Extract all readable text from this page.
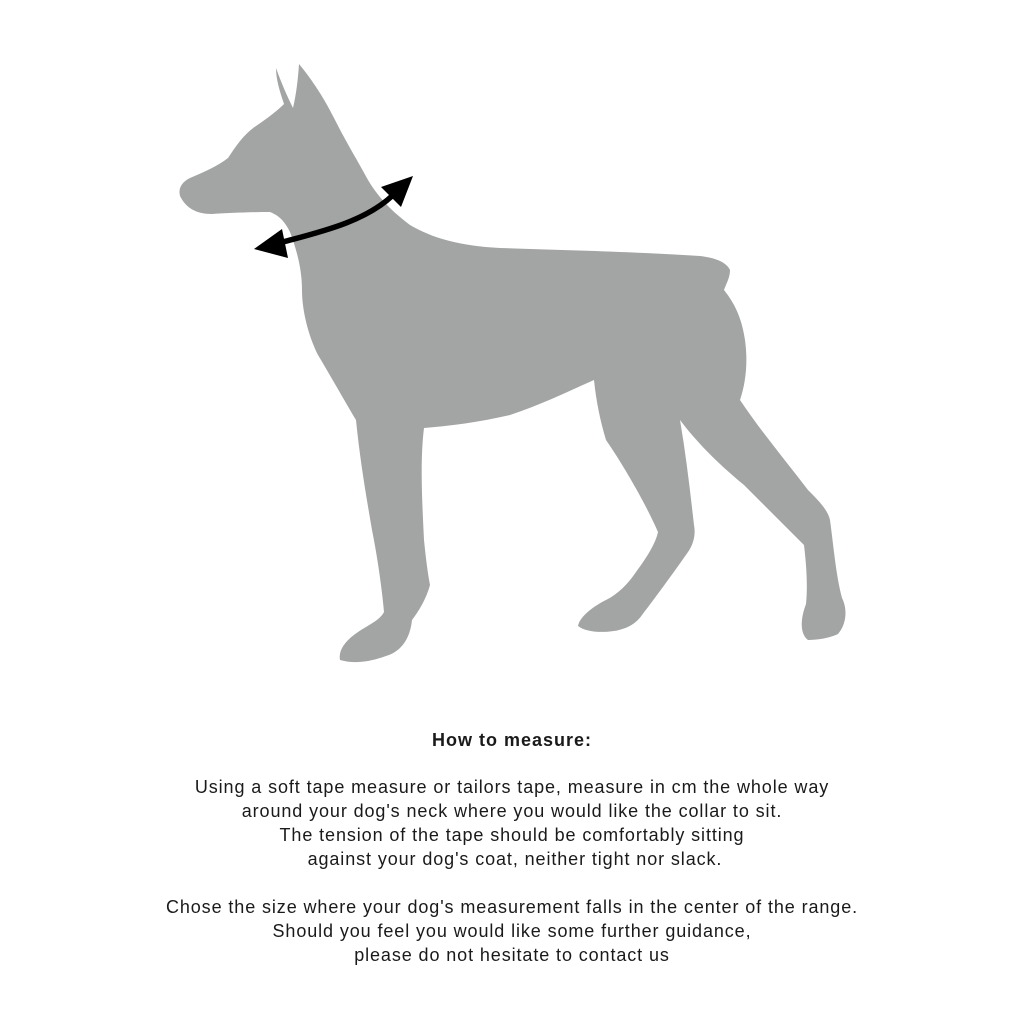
How to measure:

Using a soft tape measure or tailors tape, measure in cm the whole way
around your dog's neck where you would like the collar to sit.
The tension of the tape should be comfortably sitting
against your dog's coat, neither tight nor slack.

Chose the size where your dog's measurement falls in the center of the range.
Should you feel you would like some further guidance,
please do not hesitate to contact us
